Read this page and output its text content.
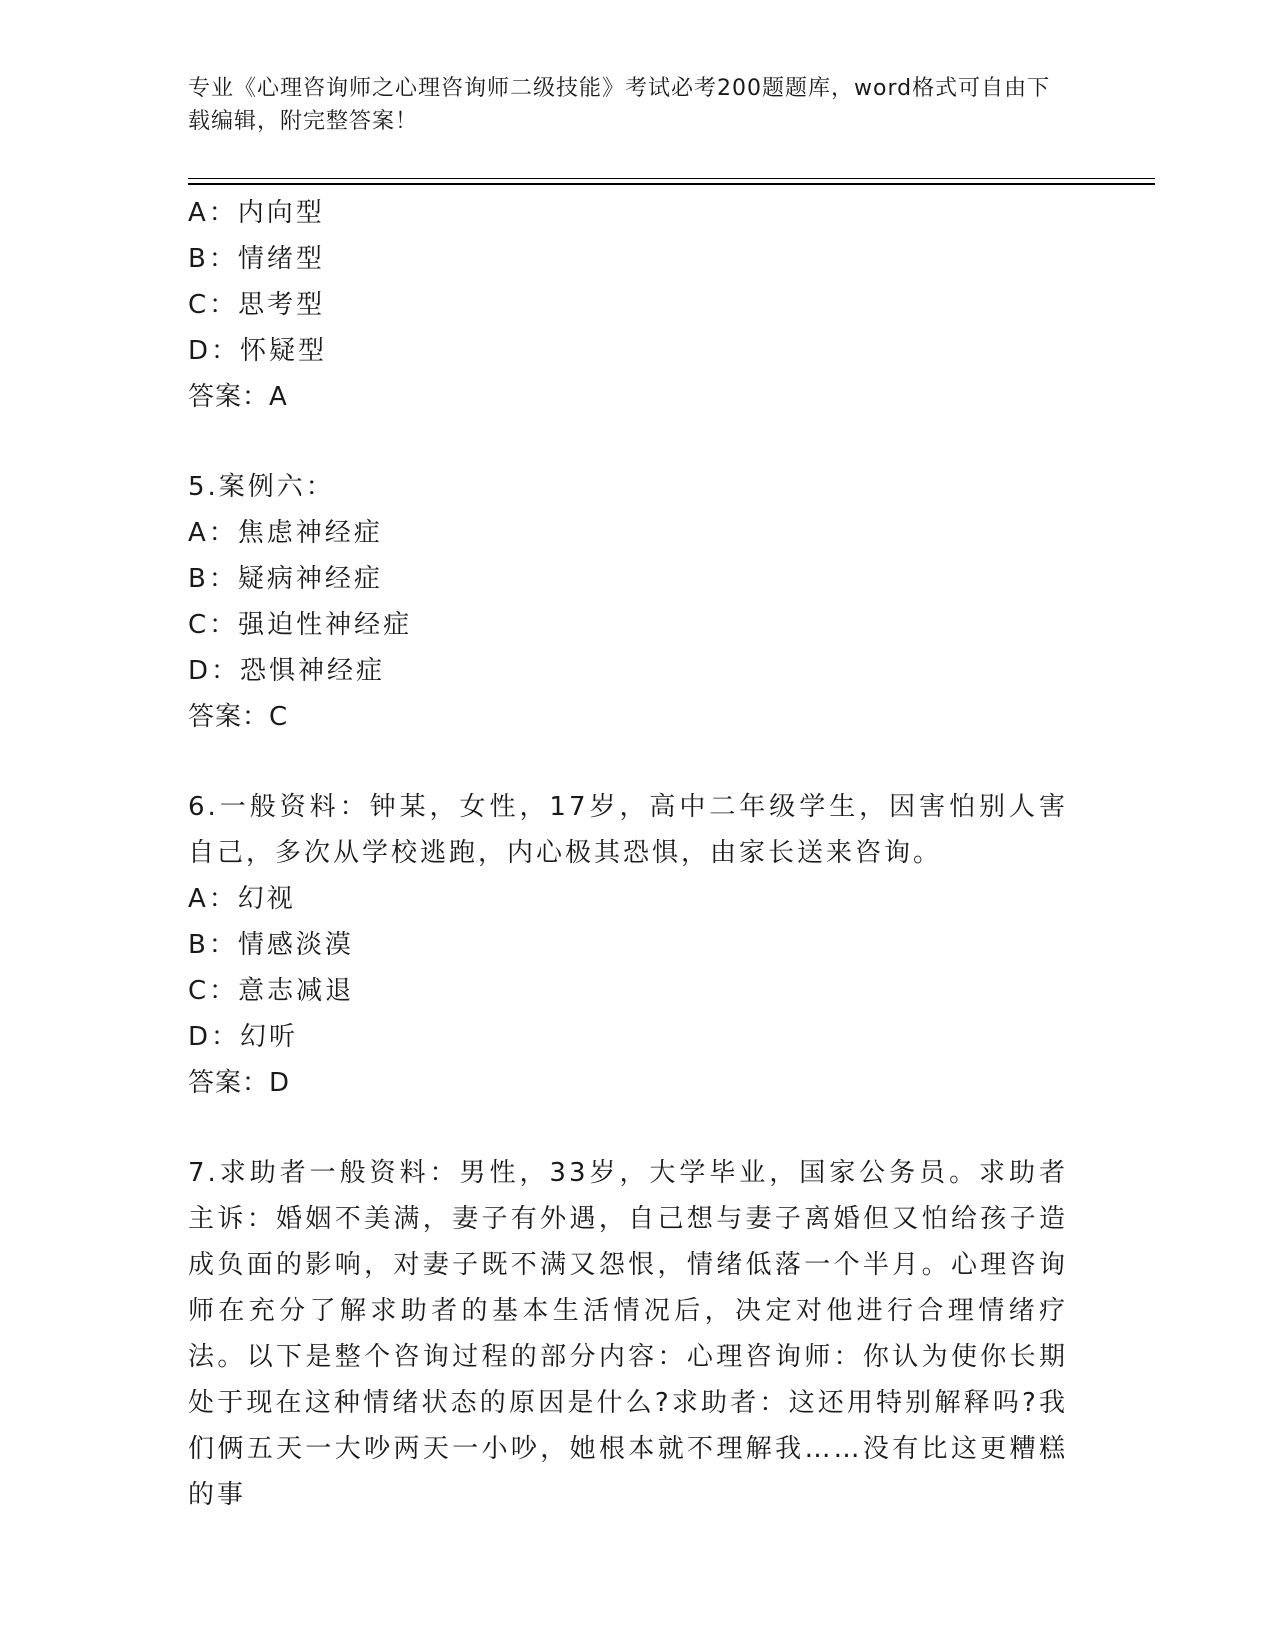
专业《心理咨询师之心理咨询师二级技能》考试必考200题题库，word格式可自由下载编辑，附完整答案！
A：内向型
B：情绪型
C：思考型
D：怀疑型
答案：A
5.案例六：
A：焦虑神经症
B：疑病神经症
C：强迫性神经症
D：恐惧神经症
答案：C
6.一般资料：钟某，女性，17岁，高中二年级学生，因害怕别人害自己，多次从学校逃跑，内心极其恐惧，由家长送来咨询。
A：幻视
B：情感淡漠
C：意志减退
D：幻听
答案：D
7.求助者一般资料：男性，33岁，大学毕业，国家公务员。求助者主诉：婚姻不美满，妻子有外遇，自己想与妻子离婚但又怕给孩子造成负面的影响，对妻子既不满又怨恨，情绪低落一个半月。心理咨询师在充分了解求助者的基本生活情况后，决定对他进行合理情绪疗法。以下是整个咨询过程的部分内容：心理咨询师：你认为使你长期处于现在这种情绪状态的原因是什么?求助者：这还用特别解释吗?我们俩五天一大吵两天一小吵，她根本就不理解我……没有比这更糟糕的事
